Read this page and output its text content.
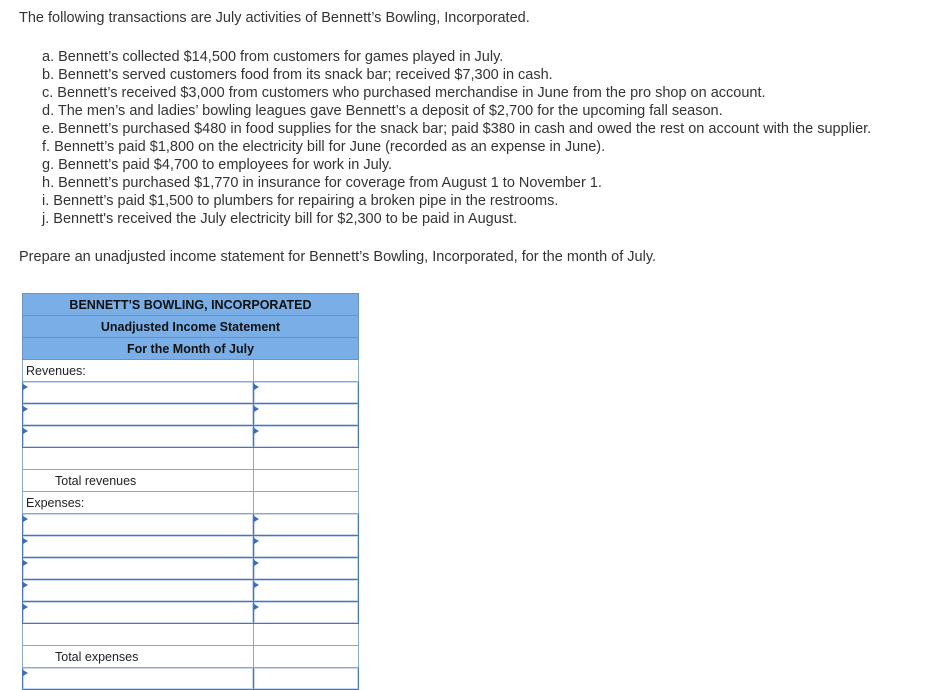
The following transactions are July activities of Bennett’s Bowling, Incorporated.
a. Bennett’s collected $14,500 from customers for games played in July.
b. Bennett’s served customers food from its snack bar; received $7,300 in cash.
c. Bennett’s received $3,000 from customers who purchased merchandise in June from the pro shop on account.
d. The men’s and ladies’ bowling leagues gave Bennett’s a deposit of $2,700 for the upcoming fall season.
e. Bennett’s purchased $480 in food supplies for the snack bar; paid $380 in cash and owed the rest on account with the supplier.
f. Bennett’s paid $1,800 on the electricity bill for June (recorded as an expense in June).
g. Bennett’s paid $4,700 to employees for work in July.
h. Bennett’s purchased $1,770 in insurance for coverage from August 1 to November 1.
i. Bennett’s paid $1,500 to plumbers for repairing a broken pipe in the restrooms.
j. Bennett's received the July electricity bill for $2,300 to be paid in August.
Prepare an unadjusted income statement for Bennett’s Bowling, Incorporated, for the month of July.
BENNETT’S BOWLING, INCORPORATED	
Unadjusted Income Statement	
For the Month of July	
Revenues:	

Total revenues	
Expenses:	

Total expenses	
